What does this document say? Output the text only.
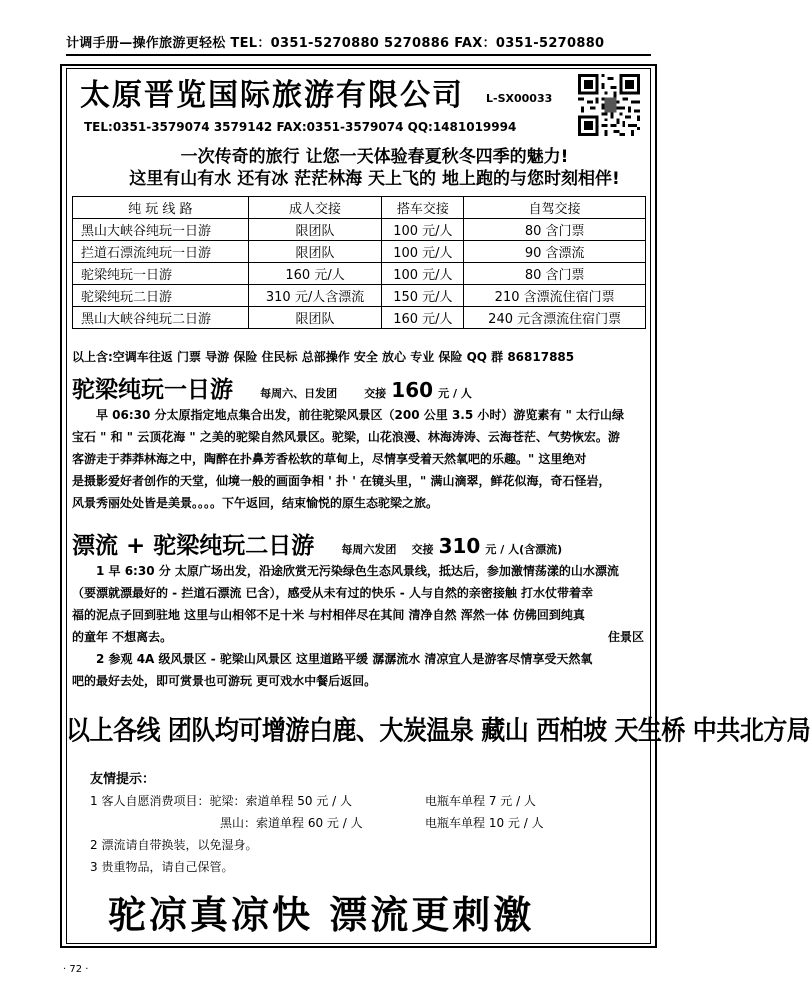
计调手册—操作旅游更轻松 TEL：0351-5270880 5270886 FAX：0351-5270880
太原晋览国际旅游有限公司 L-SX00033
TEL:0351-3579074 3579142 FAX:0351-3579074 QQ:1481019994
一次传奇的旅行 让您一天体验春夏秋冬四季的魅力!
这里有山有水 还有冰 茫茫林海 天上飞的 地上跑的与您时刻相伴!
纯 玩 线 路	成人交接	搭车交接	自驾交接
黑山大峡谷纯玩一日游	限团队	100 元/人	80 含门票
拦道石漂流纯玩一日游	限团队	100 元/人	90 含漂流
驼梁纯玩一日游	160 元/人	100 元/人	80 含门票
驼梁纯玩二日游	310 元/人含漂流	150 元/人	210 含漂流住宿门票
黑山大峡谷纯玩二日游	限团队	160 元/人	240 元含漂流住宿门票
以上含:空调车往返 门票 导游 保险 住民标 总部操作 安全 放心 专业 保险 QQ 群 86817885
驼梁纯玩一日游 每周六、日发团 交接 160 元 / 人
早 06:30 分太原指定地点集合出发，前往驼梁风景区（200 公里 3.5 小时）游览素有 " 太行山绿
宝石 " 和 " 云顶花海 " 之美的驼梁自然风景区。驼梁，山花浪漫、林海涛涛、云海苍茫、气势恢宏。游
客游走于莽莽林海之中，陶醉在扑鼻芳香松软的草甸上，尽情享受着天然氧吧的乐趣。" 这里绝对
是摄影爱好者创作的天堂，仙境一般的画面争相 ' 扑 ' 在镜头里，" 满山滴翠，鲜花似海，奇石怪岩，
风景秀丽处处皆是美景。。。。下午返回，结束愉悦的原生态驼梁之旅。
漂流 + 驼梁纯玩二日游 每周六发团 交接 310 元 / 人(含漂流)
1 早 6:30 分 太原广场出发，沿途欣赏无污染绿色生态风景线，抵达后，参加激情荡漾的山水漂流
（要漂就漂最好的 - 拦道石漂流 已含），感受从未有过的快乐 - 人与自然的亲密接触 打水仗带着幸
福的泥点子回到驻地 这里与山相邻不足十米 与村相伴尽在其间 清净自然 浑然一体 仿佛回到纯真
的童年 不想离去。	住景区
2 参观 4A 级风景区 - 驼梁山风景区 这里道路平缓 潺潺流水 清凉宜人是游客尽情享受天然氧
吧的最好去处，即可赏景也可游玩 更可戏水中餐后返回。
以上各线 团队均可增游白鹿、大炭温泉 藏山 西柏坡 天生桥 中共北方局
友情提示：
1 客人自愿消费项目：驼梁：索道单程 50 元 / 人	电瓶车单程 7 元 / 人
黑山：索道单程 60 元 / 人	电瓶车单程 10 元 / 人
2 漂流请自带换装，以免湿身。
3 贵重物品，请自己保管。
驼凉真凉快 漂流更刺激
· 72 ·
